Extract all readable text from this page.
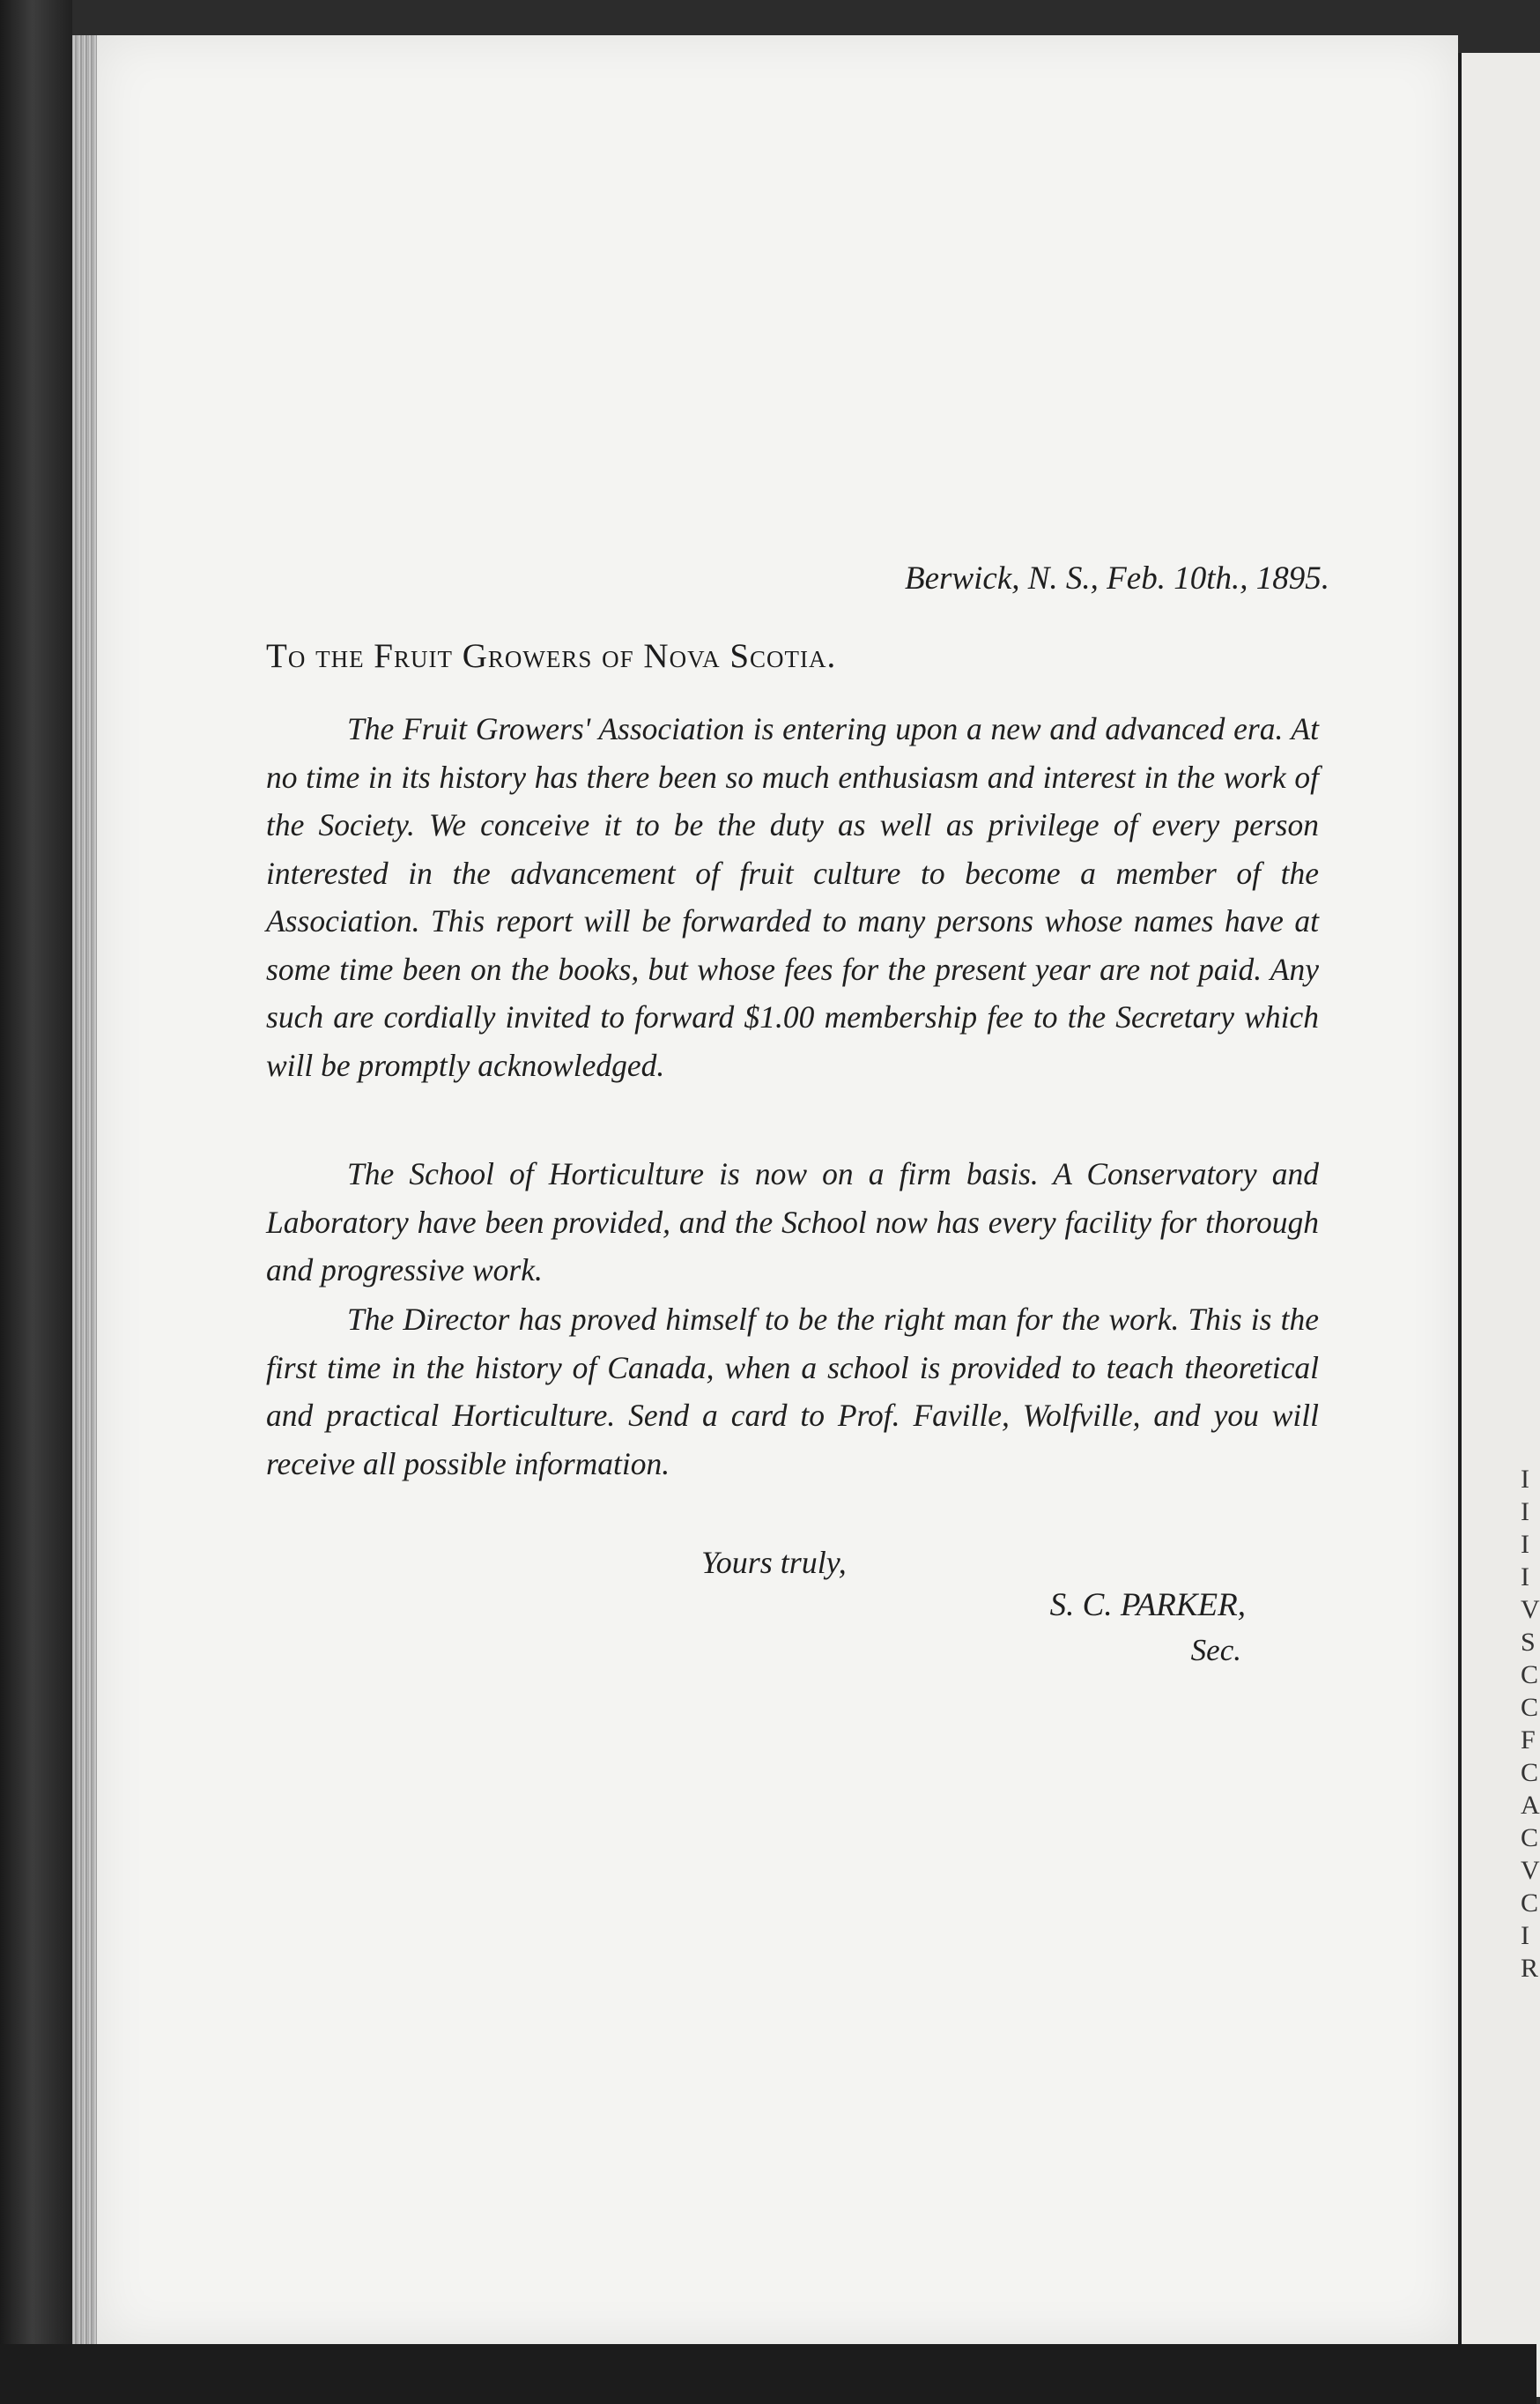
I
I
I
I
V
S
C
C
F
C
A
C
V
C
I
R
Berwick, N. S., Feb. 10th., 1895.
To the Fruit Growers of Nova Scotia.

The Fruit Growers' Association is entering upon a new and advanced era. At no time in its history has there been so much enthusiasm and interest in the work of the Society. We conceive it to be the duty as well as privilege of every person interested in the advancement of fruit culture to become a member of the Association. This report will be forwarded to many persons whose names have at some time been on the books, but whose fees for the present year are not paid. Any such are cordially invited to forward $1.00 membership fee to the Secretary which will be promptly acknowledged.

The School of Horticulture is now on a firm basis. A Conservatory and Laboratory have been provided, and the School now has every facility for thorough and progressive work.

The Director has proved himself to be the right man for the work. This is the first time in the history of Canada, when a school is provided to teach theoretical and practical Horticulture. Send a card to Prof. Faville, Wolfville, and you will receive all possible information.

Yours truly,
S. C. PARKER,
Sec.
